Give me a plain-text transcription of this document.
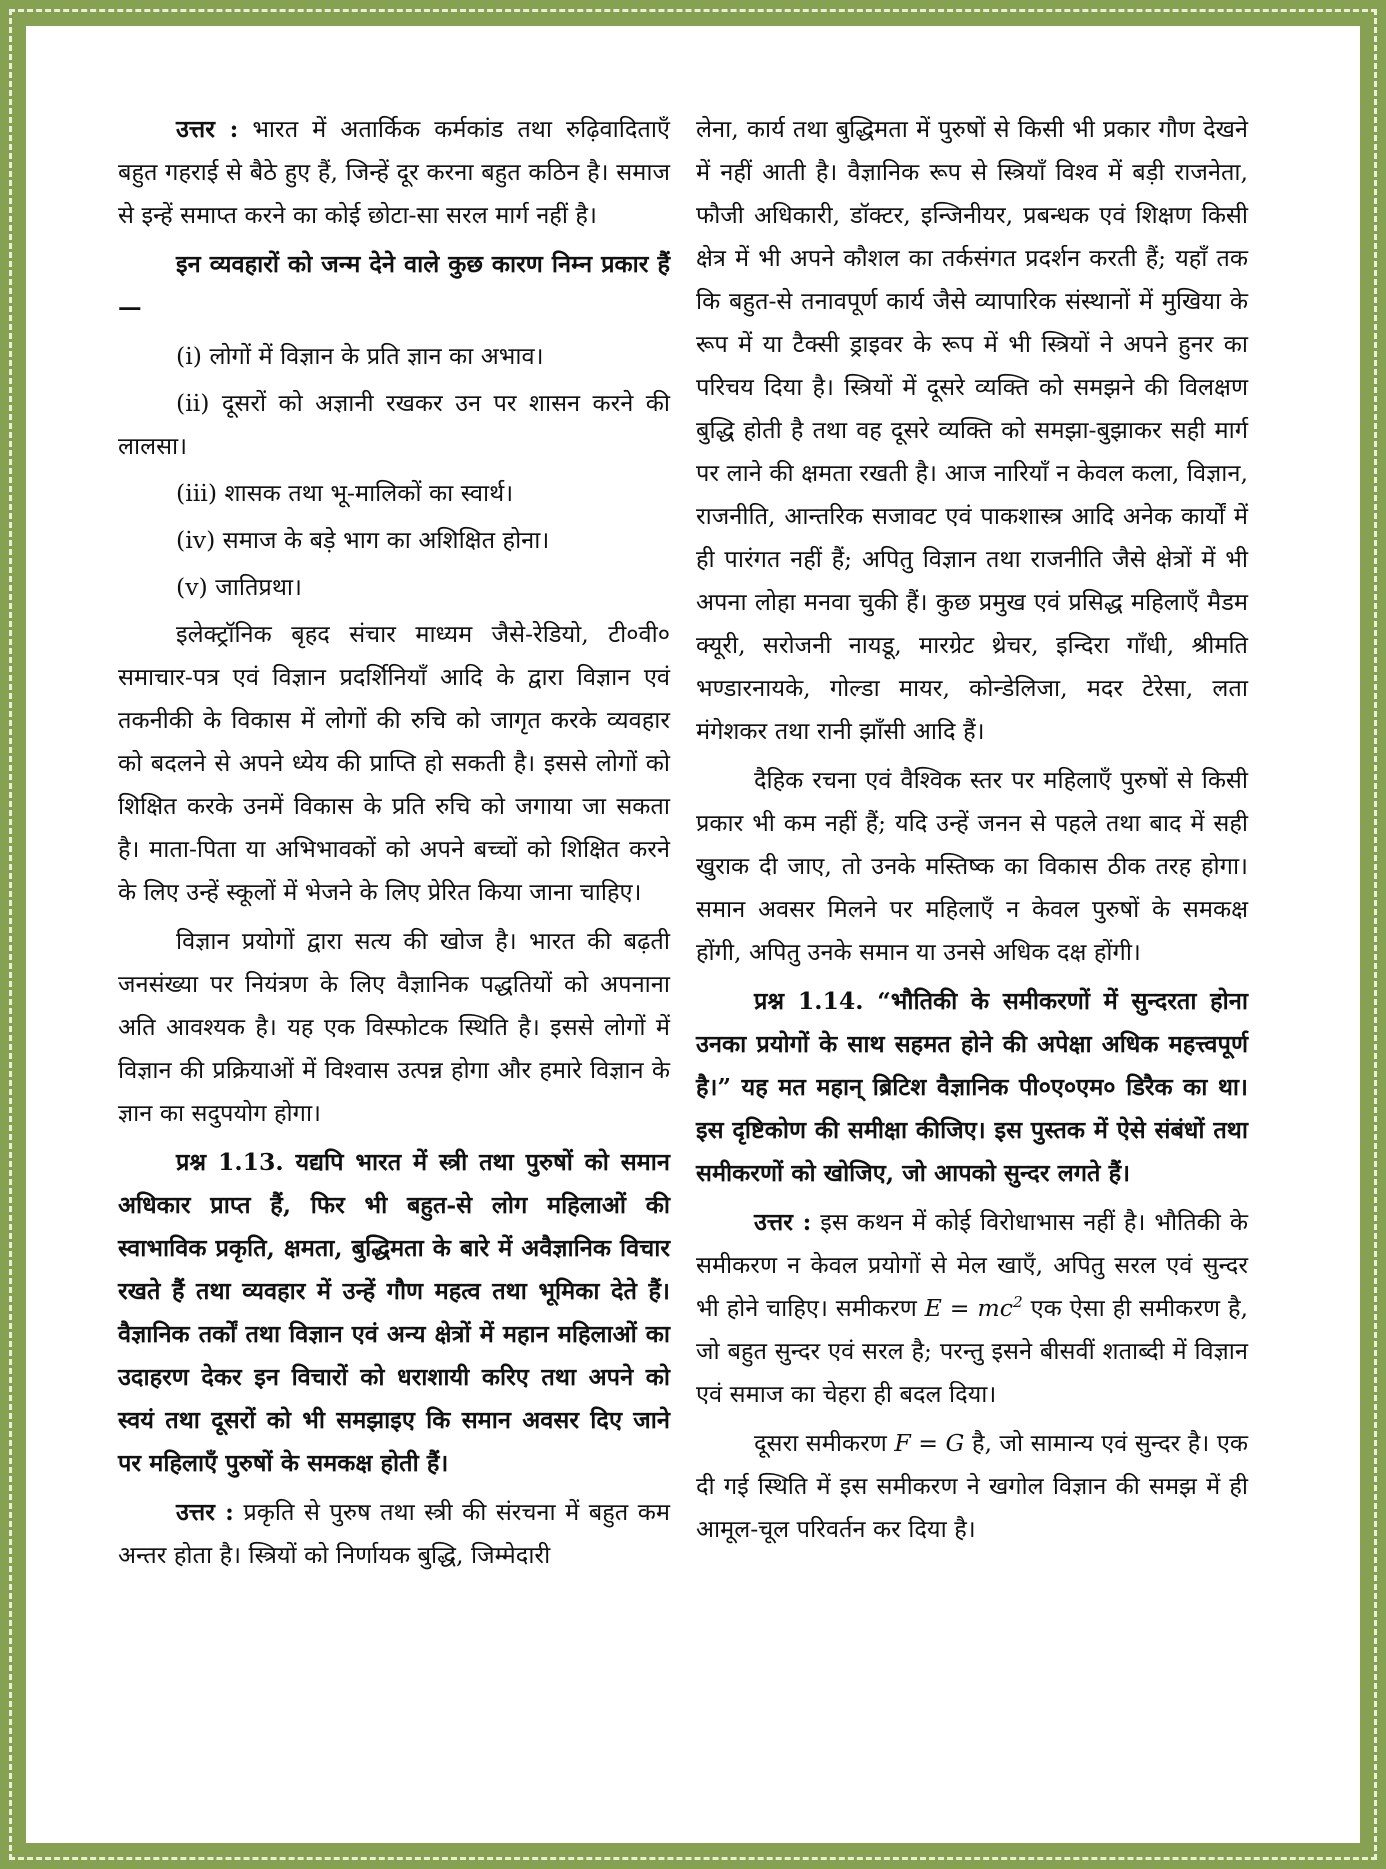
उत्तर : भारत में अतार्किक कर्मकांड तथा रुढ़िवादिताएँ बहुत गहराई से बैठे हुए हैं, जिन्हें दूर करना बहुत कठिन है। समाज से इन्हें समाप्त करने का कोई छोटा-सा सरल मार्ग नहीं है।

इन व्यवहारों को जन्म देने वाले कुछ कारण निम्न प्रकार हैं—

(i) लोगों में विज्ञान के प्रति ज्ञान का अभाव।

(ii) दूसरों को अज्ञानी रखकर उन पर शासन करने की लालसा।

(iii) शासक तथा भू-मालिकों का स्वार्थ।

(iv) समाज के बड़े भाग का अशिक्षित होना।

(v) जातिप्रथा।

इलेक्ट्रॉनिक बृहद संचार माध्यम जैसे-रेडियो, टी०वी० समाचार-पत्र एवं विज्ञान प्रदर्शिनियाँ आदि के द्वारा विज्ञान एवं तकनीकी के विकास में लोगों की रुचि को जागृत करके व्यवहार को बदलने से अपने ध्येय की प्राप्ति हो सकती है। इससे लोगों को शिक्षित करके उनमें विकास के प्रति रुचि को जगाया जा सकता है। माता-पिता या अभिभावकों को अपने बच्चों को शिक्षित करने के लिए उन्हें स्कूलों में भेजने के लिए प्रेरित किया जाना चाहिए।

विज्ञान प्रयोगों द्वारा सत्य की खोज है। भारत की बढ़ती जनसंख्या पर नियंत्रण के लिए वैज्ञानिक पद्धतियों को अपनाना अति आवश्यक है। यह एक विस्फोटक स्थिति है। इससे लोगों में विज्ञान की प्रक्रियाओं में विश्वास उत्पन्न होगा और हमारे विज्ञान के ज्ञान का सदुपयोग होगा।

प्रश्न 1.13. यद्यपि भारत में स्त्री तथा पुरुषों को समान अधिकार प्राप्त हैं, फिर भी बहुत-से लोग महिलाओं की स्वाभाविक प्रकृति, क्षमता, बुद्धिमता के बारे में अवैज्ञानिक विचार रखते हैं तथा व्यवहार में उन्हें गौण महत्व तथा भूमिका देते हैं। वैज्ञानिक तर्कों तथा विज्ञान एवं अन्य क्षेत्रों में महान महिलाओं का उदाहरण देकर इन विचारों को धराशायी करिए तथा अपने को स्वयं तथा दूसरों को भी समझाइए कि समान अवसर दिए जाने पर महिलाएँ पुरुषों के समकक्ष होती हैं।

उत्तर : प्रकृति से पुरुष तथा स्त्री की संरचना में बहुत कम अन्तर होता है। स्त्रियों को निर्णायक बुद्धि, जिम्मेदारी

लेना, कार्य तथा बुद्धिमता में पुरुषों से किसी भी प्रकार गौण देखने में नहीं आती है। वैज्ञानिक रूप से स्त्रियाँ विश्व में बड़ी राजनेता, फौजी अधिकारी, डॉक्टर, इन्जिनीयर, प्रबन्धक एवं शिक्षण किसी क्षेत्र में भी अपने कौशल का तर्कसंगत प्रदर्शन करती हैं; यहाँ तक कि बहुत-से तनावपूर्ण कार्य जैसे व्यापारिक संस्थानों में मुखिया के रूप में या टैक्सी ड्राइवर के रूप में भी स्त्रियों ने अपने हुनर का परिचय दिया है। स्त्रियों में दूसरे व्यक्ति को समझने की विलक्षण बुद्धि होती है तथा वह दूसरे व्यक्ति को समझा-बुझाकर सही मार्ग पर लाने की क्षमता रखती है। आज नारियाँ न केवल कला, विज्ञान, राजनीति, आन्तरिक सजावट एवं पाकशास्त्र आदि अनेक कार्यों में ही पारंगत नहीं हैं; अपितु विज्ञान तथा राजनीति जैसे क्षेत्रों में भी अपना लोहा मनवा चुकी हैं। कुछ प्रमुख एवं प्रसिद्ध महिलाएँ मैडम क्यूरी, सरोजनी नायडू, मारग्रेट थ्रेचर, इन्दिरा गाँधी, श्रीमति भण्डारनायके, गोल्डा मायर, कोन्डेलिजा, मदर टेरेसा, लता मंगेशकर तथा रानी झाँसी आदि हैं।

दैहिक रचना एवं वैश्विक स्तर पर महिलाएँ पुरुषों से किसी प्रकार भी कम नहीं हैं; यदि उन्हें जनन से पहले तथा बाद में सही खुराक दी जाए, तो उनके मस्तिष्क का विकास ठीक तरह होगा। समान अवसर मिलने पर महिलाएँ न केवल पुरुषों के समकक्ष होंगी, अपितु उनके समान या उनसे अधिक दक्ष होंगी।

प्रश्न 1.14. “भौतिकी के समीकरणों में सुन्दरता होना उनका प्रयोगों के साथ सहमत होने की अपेक्षा अधिक महत्त्वपूर्ण है।” यह मत महान् ब्रिटिश वैज्ञानिक पी०ए०एम० डिरैक का था। इस दृष्टिकोण की समीक्षा कीजिए। इस पुस्तक में ऐसे संबंधों तथा समीकरणों को खोजिए, जो आपको सुन्दर लगते हैं।

उत्तर : इस कथन में कोई विरोधाभास नहीं है। भौतिकी के समीकरण न केवल प्रयोगों से मेल खाएँ, अपितु सरल एवं सुन्दर भी होने चाहिए। समीकरण $E = mc^2$ एक ऐसा ही समीकरण है, जो बहुत सुन्दर एवं सरल है; परन्तु इसने बीसवीं शताब्दी में विज्ञान एवं समाज का चेहरा ही बदल दिया।

दूसरा समीकरण F = G है, जो सामान्य एवं सुन्दर है। एक दी गई स्थिति में इस समीकरण ने खगोल विज्ञान की समझ में ही आमूल-चूल परिवर्तन कर दिया है।
